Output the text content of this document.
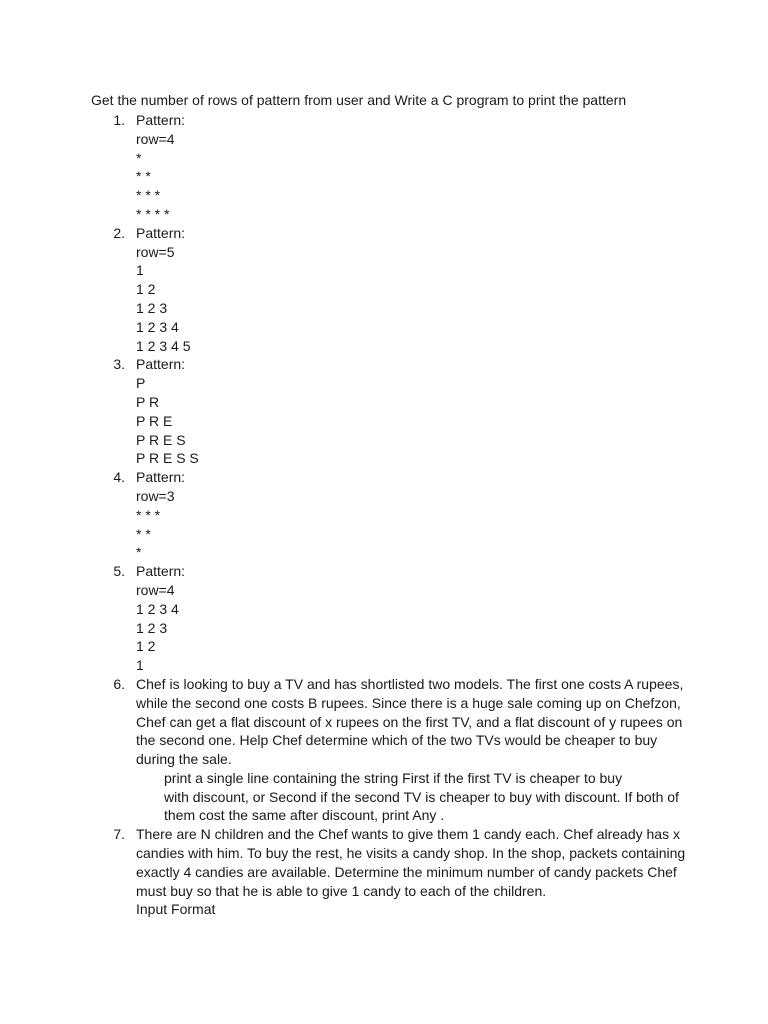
Get the number of rows of pattern from user and Write a C program to print the pattern
1. Pattern:
row=4
*
* *
* * *
* * * *
2. Pattern:
row=5
1
1 2
1 2 3
1 2 3 4
1 2 3 4 5
3. Pattern:
P
P R
P R E
P R E S
P R E S S
4. Pattern:
row=3
* * *
* *
*
5. Pattern:
row=4
1 2 3 4
1 2 3
1 2
1
6. Chef is looking to buy a TV and has shortlisted two models. The first one costs A rupees,
while the second one costs B rupees. Since there is a huge sale coming up on Chefzon,
Chef can get a flat discount of x rupees on the first TV, and a flat discount of y rupees on
the second one. Help Chef determine which of the two TVs would be cheaper to buy
during the sale.
print a single line containing the string First if the first TV is cheaper to buy
with discount, or Second if the second TV is cheaper to buy with discount. If both of
them cost the same after discount, print Any .
7. There are N children and the Chef wants to give them 1 candy each. Chef already has x
candies with him. To buy the rest, he visits a candy shop. In the shop, packets containing
exactly 4 candies are available. Determine the minimum number of candy packets Chef
must buy so that he is able to give 1 candy to each of the children.
Input Format
